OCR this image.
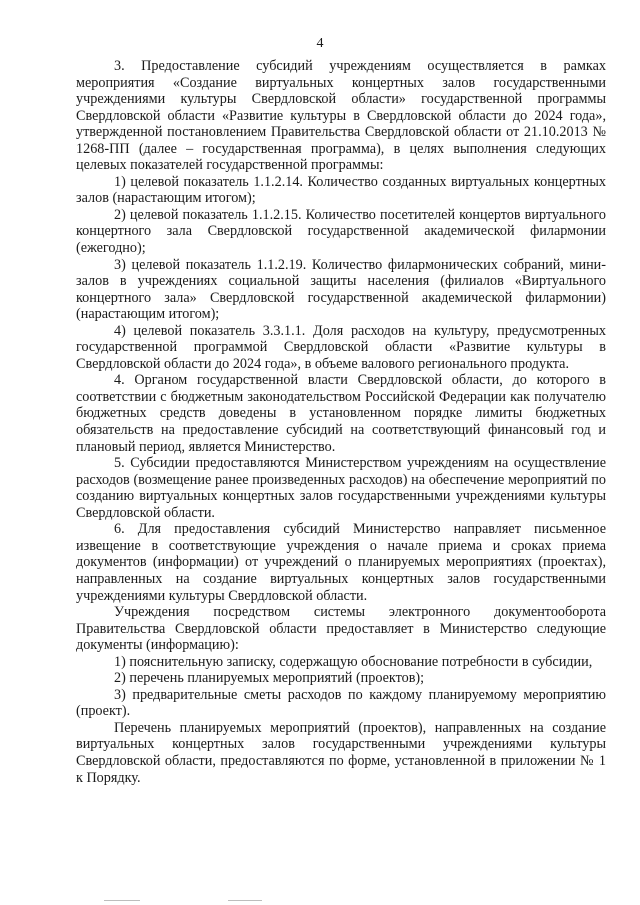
4

3. Предоставление субсидий учреждениям осуществляется в рамках мероприятия «Создание виртуальных концертных залов государственными учреждениями культуры Свердловской области» государственной программы Свердловской области «Развитие культуры в Свердловской области до 2024 года», утвержденной постановлением Правительства Свердловской области от 21.10.2013 № 1268-ПП (далее – государственная программа), в целях выполнения следующих целевых показателей государственной программы:

1) целевой показатель 1.1.2.14. Количество созданных виртуальных концертных залов (нарастающим итогом);

2) целевой показатель 1.1.2.15. Количество посетителей концертов виртуального концертного зала Свердловской государственной академической филармонии (ежегодно);

3) целевой показатель 1.1.2.19. Количество филармонических собраний, мини-залов в учреждениях социальной защиты населения (филиалов «Виртуального концертного зала» Свердловской государственной академической филармонии) (нарастающим итогом);

4) целевой показатель 3.3.1.1. Доля расходов на культуру, предусмотренных государственной программой Свердловской области «Развитие культуры в Свердловской области до 2024 года», в объеме валового регионального продукта.

4. Органом государственной власти Свердловской области, до которого в соответствии с бюджетным законодательством Российской Федерации как получателю бюджетных средств доведены в установленном порядке лимиты бюджетных обязательств на предоставление субсидий на соответствующий финансовый год и плановый период, является Министерство.

5. Субсидии предоставляются Министерством учреждениям на осуществление расходов (возмещение ранее произведенных расходов) на обеспечение мероприятий по созданию виртуальных концертных залов государственными учреждениями культуры Свердловской области.

6. Для предоставления субсидий Министерство направляет письменное извещение в соответствующие учреждения о начале приема и сроках приема документов (информации) от учреждений о планируемых мероприятиях (проектах), направленных на создание виртуальных концертных залов государственными учреждениями культуры Свердловской области.

Учреждения посредством системы электронного документооборота Правительства Свердловской области предоставляет в Министерство следующие документы (информацию):

1) пояснительную записку, содержащую обоснование потребности в субсидии,

2) перечень планируемых мероприятий (проектов);

3) предварительные сметы расходов по каждому планируемому мероприятию (проект).

Перечень планируемых мероприятий (проектов), направленных на создание виртуальных концертных залов государственными учреждениями культуры Свердловской области, предоставляются по форме, установленной в приложении № 1 к Порядку.
